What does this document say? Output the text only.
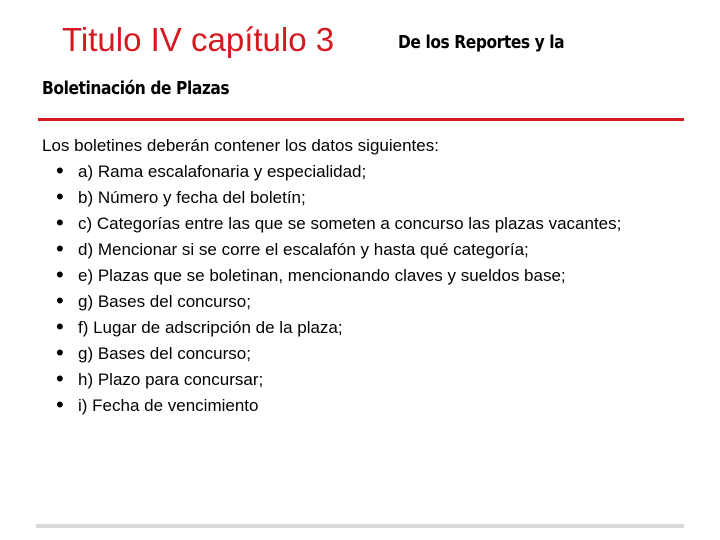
Titulo IV capítulo 3	De los Reportes y la
Boletinación de Plazas
Los boletines deberán contener los datos siguientes:
• a) Rama escalafonaria y especialidad;
• b) Número y fecha del boletín;
• c) Categorías entre las que se someten a concurso las plazas vacantes;
• d) Mencionar si se corre el escalafón y hasta qué categoría;
• e) Plazas que se boletinan, mencionando claves y sueldos base;
• g) Bases del concurso;
• f) Lugar de adscripción de la plaza;
• g) Bases del concurso;
• h) Plazo para concursar;
• i) Fecha de vencimiento
